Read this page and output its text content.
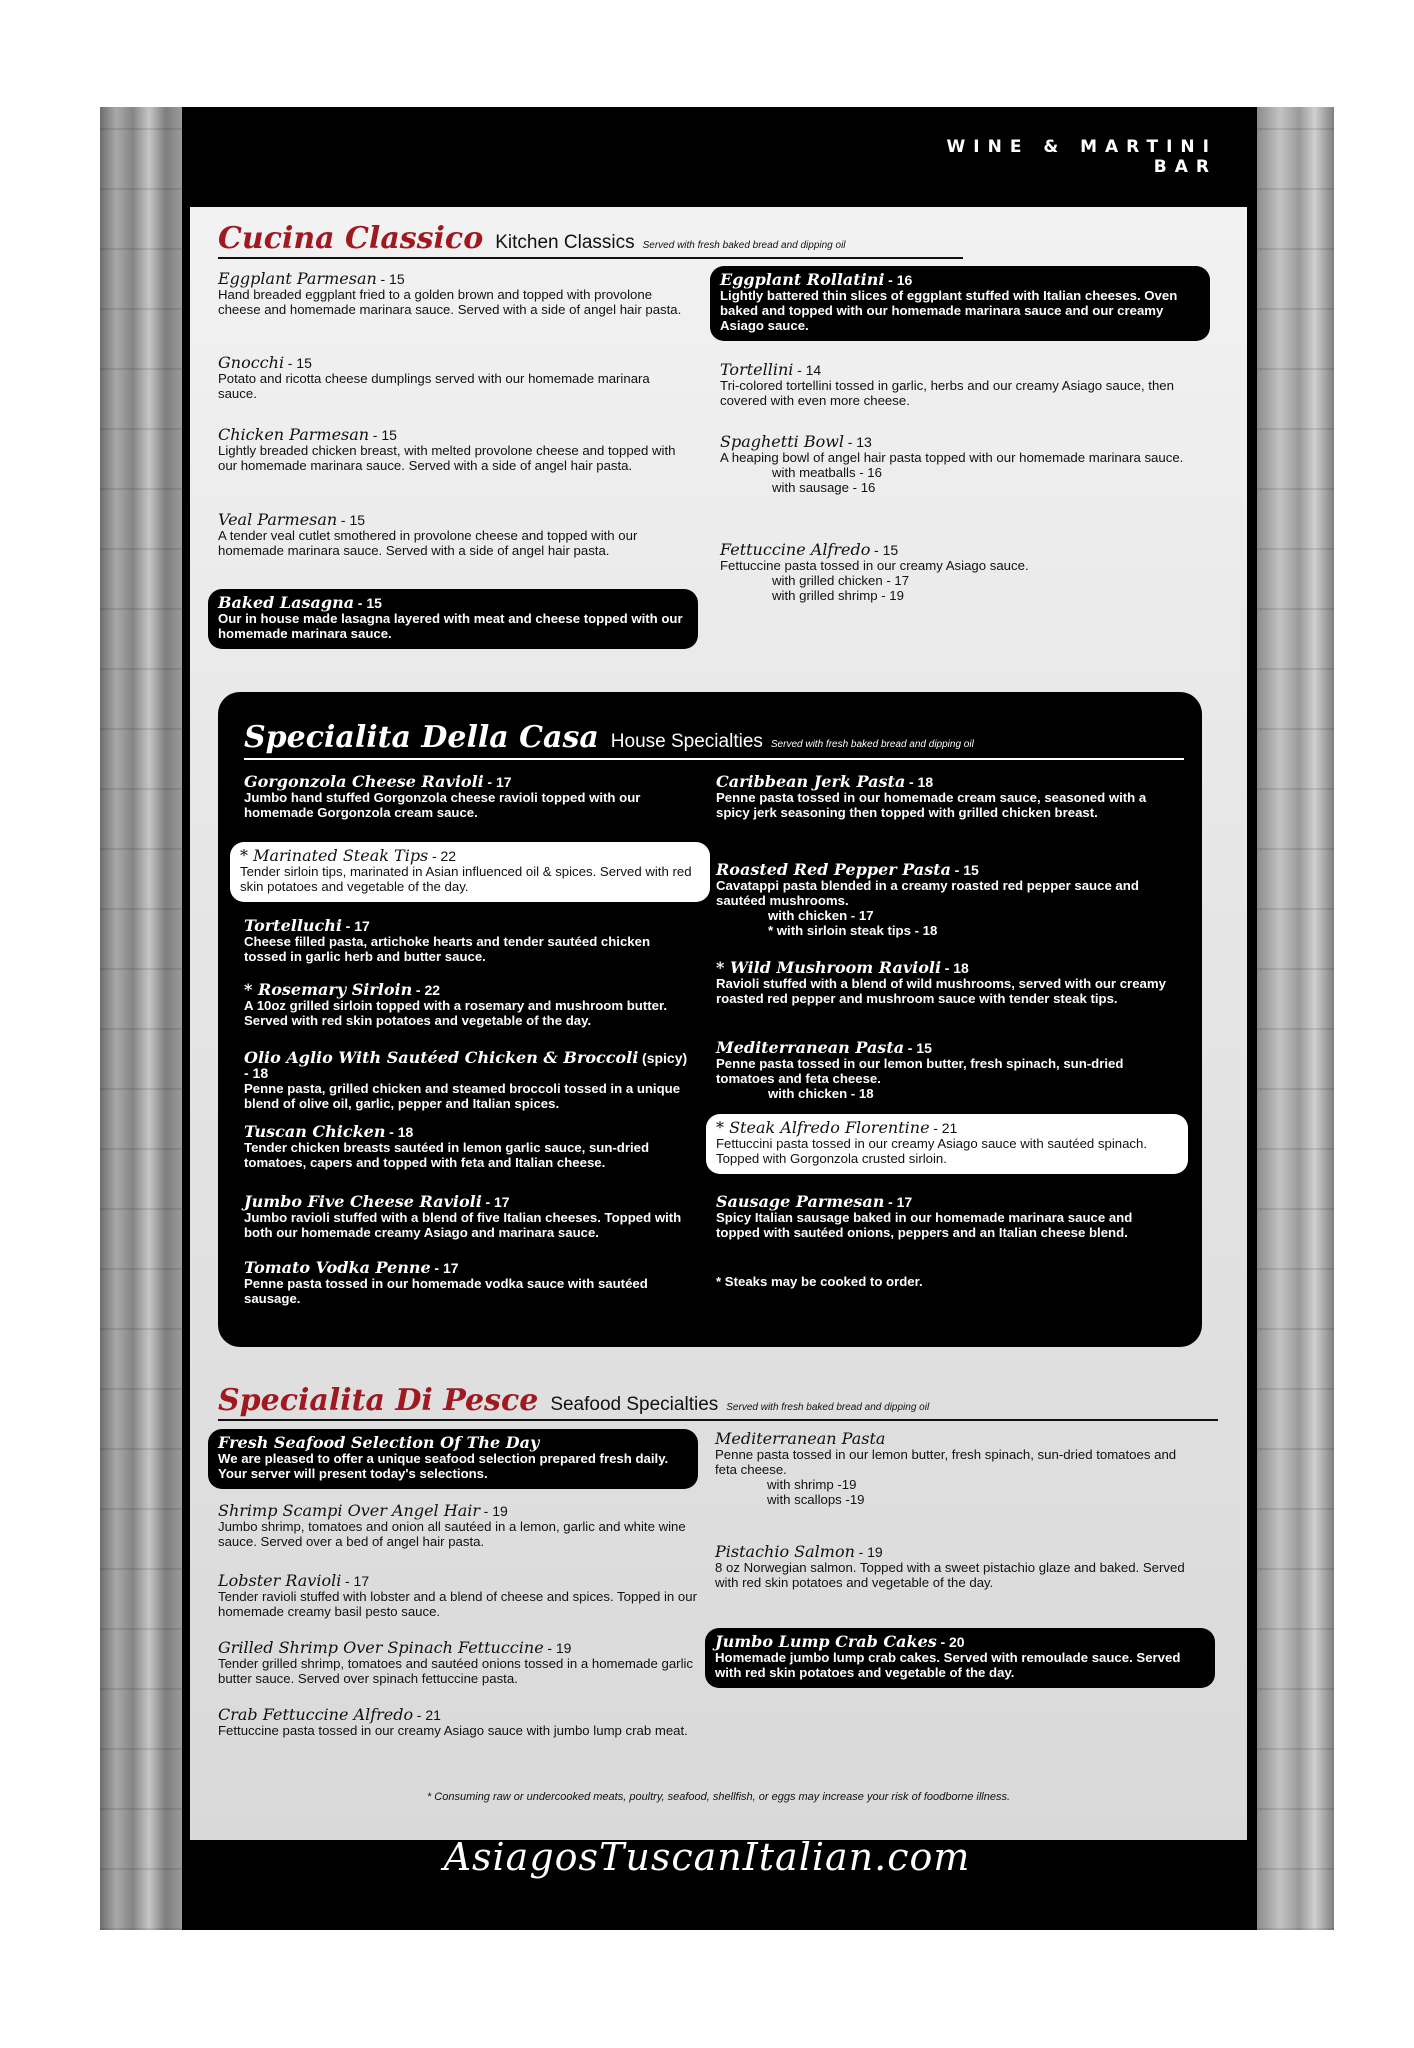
WINE & MARTINI
BAR
Cucina Classico Kitchen Classics Served with fresh baked bread and dipping oil
Eggplant Parmesan - 15
Hand breaded eggplant fried to a golden brown and topped with provolone cheese and homemade marinara sauce. Served with a side of angel hair pasta.
Gnocchi - 15
Potato and ricotta cheese dumplings served with our homemade marinara sauce.
Chicken Parmesan - 15
Lightly breaded chicken breast, with melted provolone cheese and topped with our homemade marinara sauce. Served with a side of angel hair pasta.
Veal Parmesan - 15
A tender veal cutlet smothered in provolone cheese and topped with our homemade marinara sauce. Served with a side of angel hair pasta.
Baked Lasagna - 15
Our in house made lasagna layered with meat and cheese topped with our homemade marinara sauce.
Eggplant Rollatini - 16
Lightly battered thin slices of eggplant stuffed with Italian cheeses. Oven baked and topped with our homemade marinara sauce and our creamy Asiago sauce.
Tortellini - 14
Tri-colored tortellini tossed in garlic, herbs and our creamy Asiago sauce, then covered with even more cheese.
Spaghetti Bowl - 13
A heaping bowl of angel hair pasta topped with our homemade marinara sauce.
with meatballs - 16
with sausage - 16
Fettuccine Alfredo - 15
Fettuccine pasta tossed in our creamy Asiago sauce.
with grilled chicken - 17
with grilled shrimp - 19
Specialita Di Pesce Seafood Specialties Served with fresh baked bread and dipping oil
Fresh Seafood Selection Of The Day
We are pleased to offer a unique seafood selection prepared fresh daily. Your server will present today's selections.
Shrimp Scampi Over Angel Hair - 19
Jumbo shrimp, tomatoes and onion all sautéed in a lemon, garlic and white wine sauce. Served over a bed of angel hair pasta.
Lobster Ravioli - 17
Tender ravioli stuffed with lobster and a blend of cheese and spices. Topped in our homemade creamy basil pesto sauce.
Grilled Shrimp Over Spinach Fettuccine - 19
Tender grilled shrimp, tomatoes and sautéed onions tossed in a homemade garlic butter sauce. Served over spinach fettuccine pasta.
Crab Fettuccine Alfredo - 21
Fettuccine pasta tossed in our creamy Asiago sauce with jumbo lump crab meat.
Mediterranean Pasta
Penne pasta tossed in our lemon butter, fresh spinach, sun-dried tomatoes and feta cheese.
with shrimp -19
with scallops -19
Pistachio Salmon - 19
8 oz Norwegian salmon. Topped with a sweet pistachio glaze and baked. Served with red skin potatoes and vegetable of the day.
Jumbo Lump Crab Cakes - 20
Homemade jumbo lump crab cakes. Served with remoulade sauce. Served with red skin potatoes and vegetable of the day.
* Consuming raw or undercooked meats, poultry, seafood, shellfish, or eggs may increase your risk of foodborne illness.
Specialita Della Casa House Specialties Served with fresh baked bread and dipping oil
Gorgonzola Cheese Ravioli - 17
Jumbo hand stuffed Gorgonzola cheese ravioli topped with our homemade Gorgonzola cream sauce.
* Marinated Steak Tips - 22
Tender sirloin tips, marinated in Asian influenced oil & spices. Served with red skin potatoes and vegetable of the day.
Tortelluchi - 17
Cheese filled pasta, artichoke hearts and tender sautéed chicken tossed in garlic herb and butter sauce.
* Rosemary Sirloin - 22
A 10oz grilled sirloin topped with a rosemary and mushroom butter. Served with red skin potatoes and vegetable of the day.
Olio Aglio With Sautéed Chicken & Broccoli (spicy) - 18
Penne pasta, grilled chicken and steamed broccoli tossed in a unique blend of olive oil, garlic, pepper and Italian spices.
Tuscan Chicken - 18
Tender chicken breasts sautéed in lemon garlic sauce, sun-dried tomatoes, capers and topped with feta and Italian cheese.
Jumbo Five Cheese Ravioli - 17
Jumbo ravioli stuffed with a blend of five Italian cheeses. Topped with both our homemade creamy Asiago and marinara sauce.
Tomato Vodka Penne - 17
Penne pasta tossed in our homemade vodka sauce with sautéed sausage.
Caribbean Jerk Pasta - 18
Penne pasta tossed in our homemade cream sauce, seasoned with a spicy jerk seasoning then topped with grilled chicken breast.
Roasted Red Pepper Pasta - 15
Cavatappi pasta blended in a creamy roasted red pepper sauce and sautéed mushrooms.
with chicken - 17
* with sirloin steak tips - 18
* Wild Mushroom Ravioli - 18
Ravioli stuffed with a blend of wild mushrooms, served with our creamy roasted red pepper and mushroom sauce with tender steak tips.
Mediterranean Pasta - 15
Penne pasta tossed in our lemon butter, fresh spinach, sun-dried tomatoes and feta cheese.
with chicken - 18
* Steak Alfredo Florentine - 21
Fettuccini pasta tossed in our creamy Asiago sauce with sautéed spinach. Topped with Gorgonzola crusted sirloin.
Sausage Parmesan - 17
Spicy Italian sausage baked in our homemade marinara sauce and topped with sautéed onions, peppers and an Italian cheese blend.
* Steaks may be cooked to order.
AsiagosTuscanItalian.com
